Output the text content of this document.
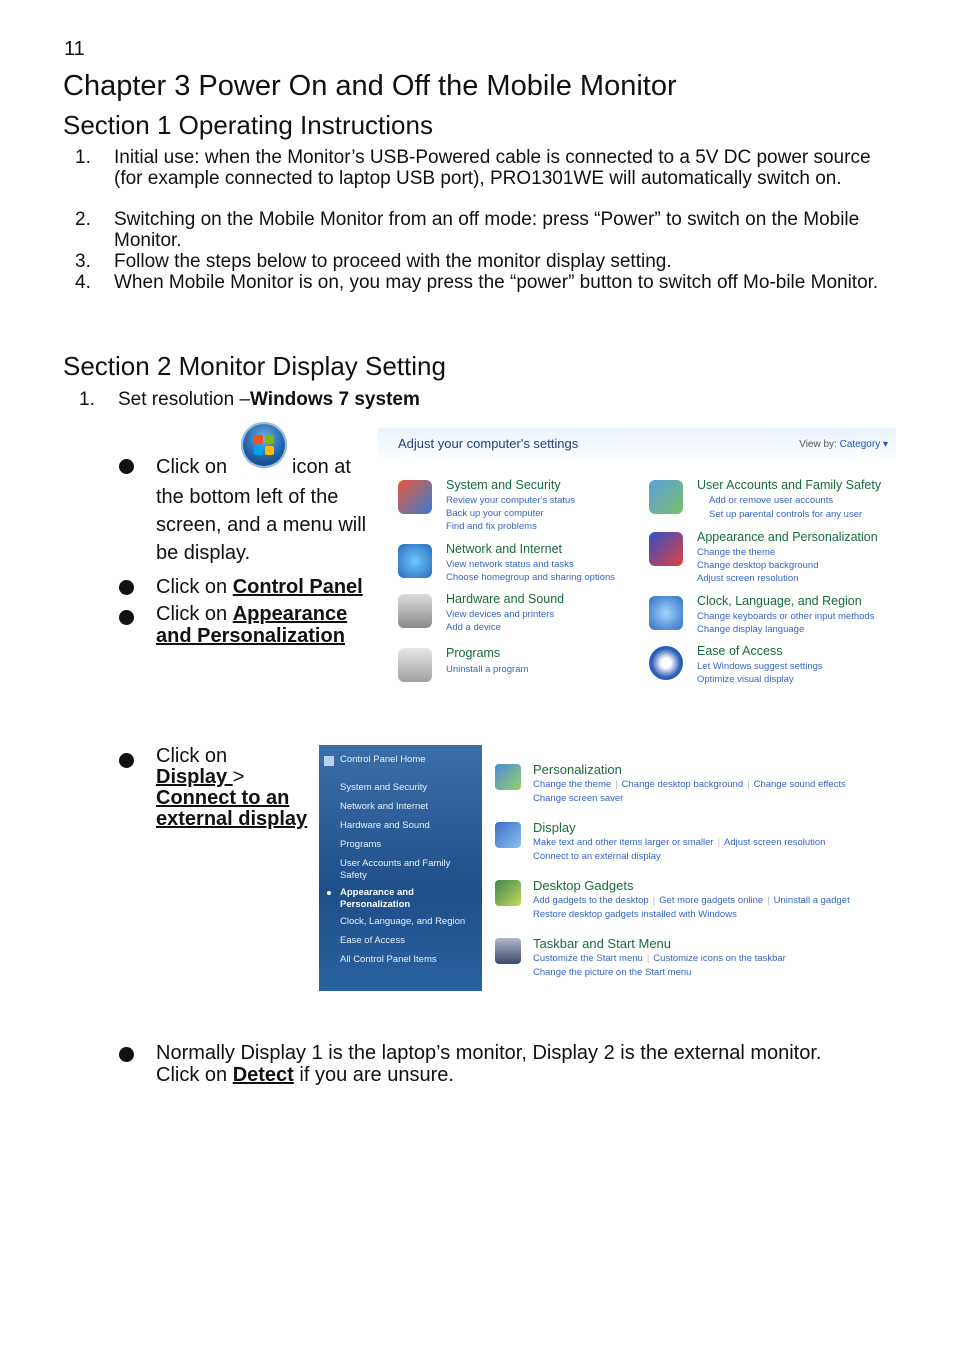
11
Chapter 3 Power On and Off the Mobile Monitor
Section 1 Operating Instructions
1.	Initial use: when the Monitor’s USB-Powered cable is connected to a 5V DC power source (for example connected to laptop USB port), PRO1301WE will automatically switch on.
2.	Switching on the Mobile Monitor from an off mode: press “Power” to switch on the Mobile Monitor.
3.	Follow the steps below to proceed with the monitor display setting.
4.	When Mobile Monitor is on, you may press the “power” button to switch off Mo-bile Monitor.
Section 2 Monitor Display Setting
1.	Set resolution –Windows 7 system
Click on	icon at
the bottom left of the screen, and a menu will be display.
Click on Control Panel
Click on Appearance and Personalization
Adjust your computer's settings	View by: Category ▾
System and Security
Review your computer's status
Back up your computer
Find and fix problems
Network and Internet
View network status and tasks
Choose homegroup and sharing options
Hardware and Sound
View devices and printers
Add a device
Programs
Uninstall a program
User Accounts and Family Safety
Add or remove user accounts
Set up parental controls for any user
Appearance and Personalization
Change the theme
Change desktop background
Adjust screen resolution
Clock, Language, and Region
Change keyboards or other input methods
Change display language
Ease of Access
Let Windows suggest settings
Optimize visual display
Click on
Display >
Connect to an external display
Control Panel Home
System and Security
Network and Internet
Hardware and Sound
Programs
User Accounts and Family
Safety
Appearance and
Personalization
Clock, Language, and Region
Ease of Access
All Control Panel Items
Personalization
Change the theme | Change desktop background | Change sound effects
Change screen saver
Display
Make text and other items larger or smaller | Adjust screen resolution
Connect to an external display
Desktop Gadgets
Add gadgets to the desktop | Get more gadgets online | Uninstall a gadget
Restore desktop gadgets installed with Windows
Taskbar and Start Menu
Customize the Start menu | Customize icons on the taskbar
Change the picture on the Start menu
Normally Display 1 is the laptop’s monitor, Display 2 is the external monitor.
Click on Detect if you are unsure.
